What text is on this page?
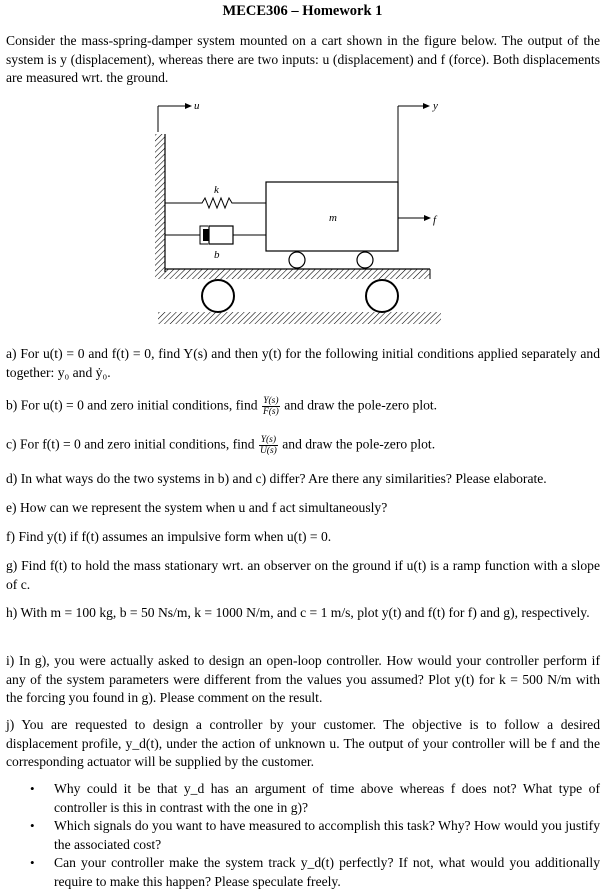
MECE306 – Homework 1
Consider the mass-spring-damper system mounted on a cart shown in the figure below. The output of the system is y (displacement), whereas there are two inputs: u (displacement) and f (force). Both displacements are measured wrt. the ground.
u	y
k
b
m	f
a) For u(t) = 0 and f(t) = 0, find Y(s) and then y(t) for the following initial conditions applied separately and together: y₀ and ẏ₀.
b) For u(t) = 0 and zero initial conditions, find $\frac{Y(s)}{F(s)}$ and draw the pole-zero plot.
c) For f(t) = 0 and zero initial conditions, find $\frac{Y(s)}{U(s)}$ and draw the pole-zero plot.
d) In what ways do the two systems in b) and c) differ? Are there any similarities? Please elaborate.
e) How can we represent the system when u and f act simultaneously?
f) Find y(t) if f(t) assumes an impulsive form when u(t) = 0.
g) Find f(t) to hold the mass stationary wrt. an observer on the ground if u(t) is a ramp function with a slope of c.
h) With m = 100 kg, b = 50 Ns/m, k = 1000 N/m, and c = 1 m/s, plot y(t) and f(t) for f) and g), respectively.
i) In g), you were actually asked to design an open-loop controller. How would your controller perform if any of the system parameters were different from the values you assumed? Plot y(t) for k = 500 N/m with the forcing you found in g). Please comment on the result.
j) You are requested to design a controller by your customer. The objective is to follow a desired displacement profile, y_d(t), under the action of unknown u. The output of your controller will be f and the corresponding actuator will be supplied by the customer.
• Why could it be that y_d has an argument of time above whereas f does not? What type of controller is this in contrast with the one in g)?
• Which signals do you want to have measured to accomplish this task? Why? How would you justify the associated cost?
• Can your controller make the system track y_d(t) perfectly? If not, what would you additionally require to make this happen? Please speculate freely.
